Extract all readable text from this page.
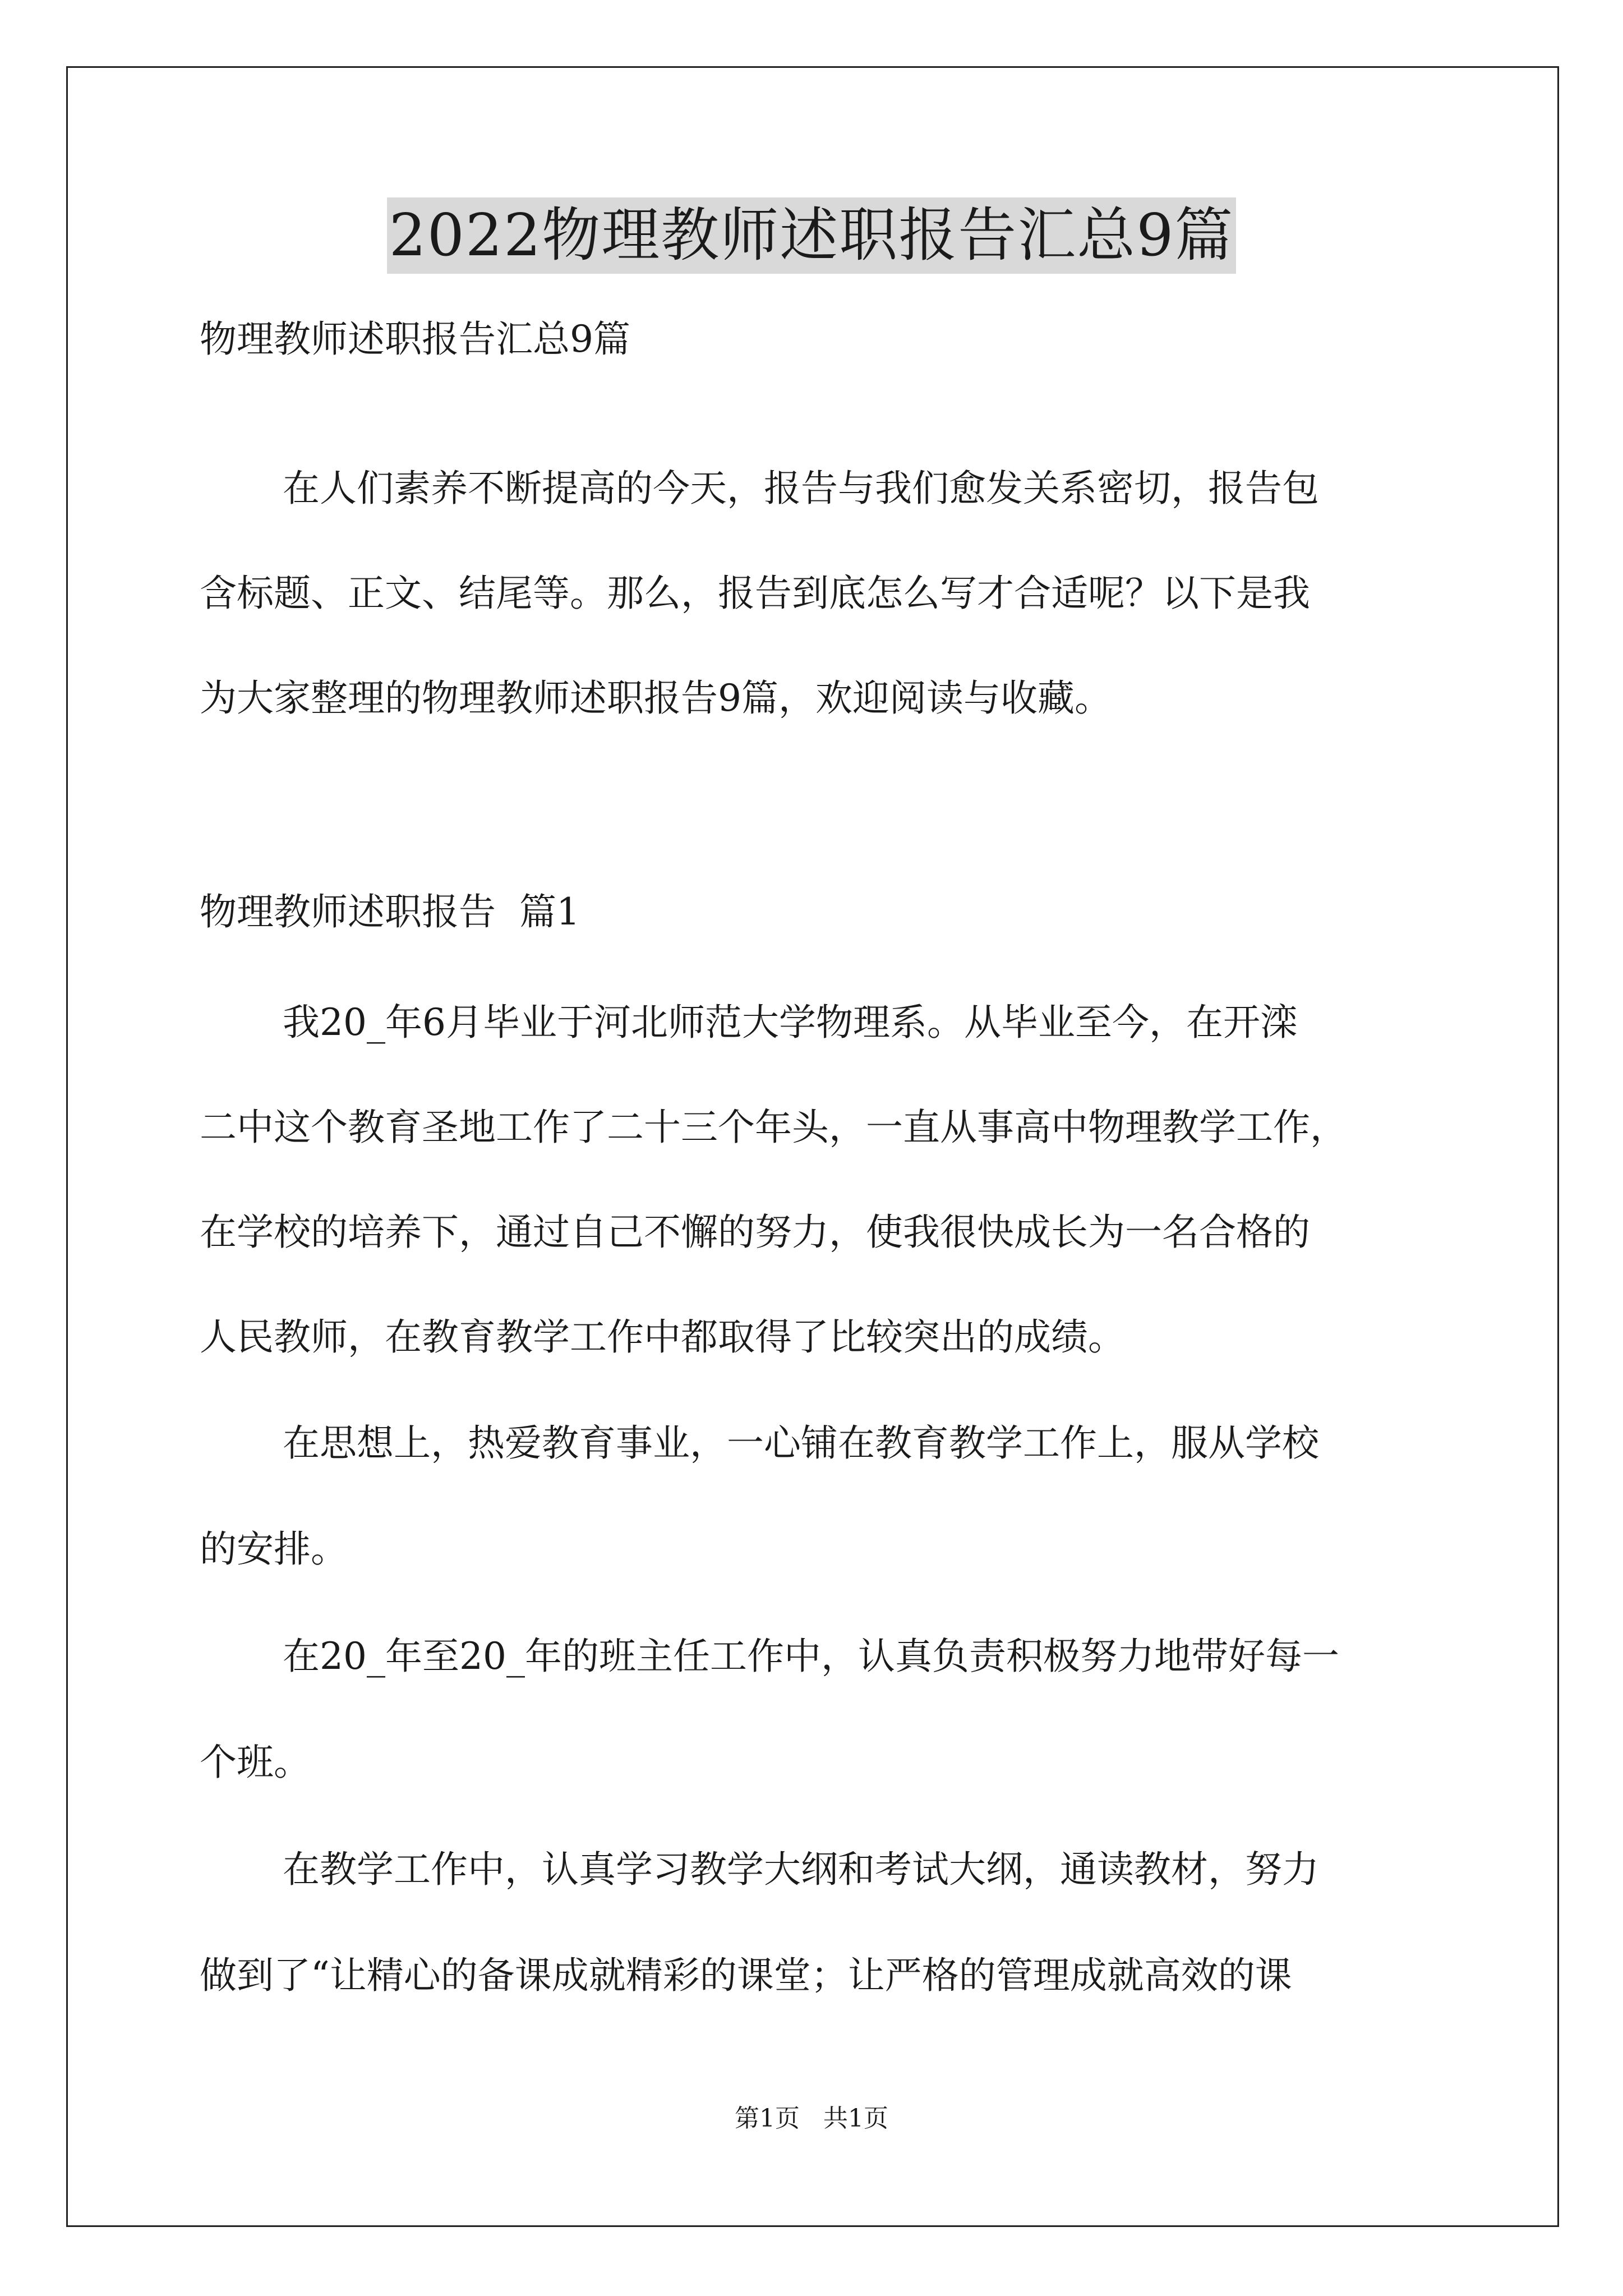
2022物理教师述职报告汇总9篇
物理教师述职报告汇总9篇
在人们素养不断提高的今天，报告与我们愈发关系密切，报告包
含标题、正文、结尾等。那么，报告到底怎么写才合适呢？以下是我
为大家整理的物理教师述职报告9篇，欢迎阅读与收藏。
物理教师述职报告  篇1
我20_年6月毕业于河北师范大学物理系。从毕业至今，在开滦
二中这个教育圣地工作了二十三个年头，一直从事高中物理教学工作，
在学校的培养下，通过自己不懈的努力，使我很快成长为一名合格的
人民教师，在教育教学工作中都取得了比较突出的成绩。
在思想上，热爱教育事业，一心铺在教育教学工作上，服从学校
的安排。
在20_年至20_年的班主任工作中，认真负责积极努力地带好每一
个班。
在教学工作中，认真学习教学大纲和考试大纲，通读教材，努力
做到了“让精心的备课成就精彩的课堂；让严格的管理成就高效的课
第1页   共1页
